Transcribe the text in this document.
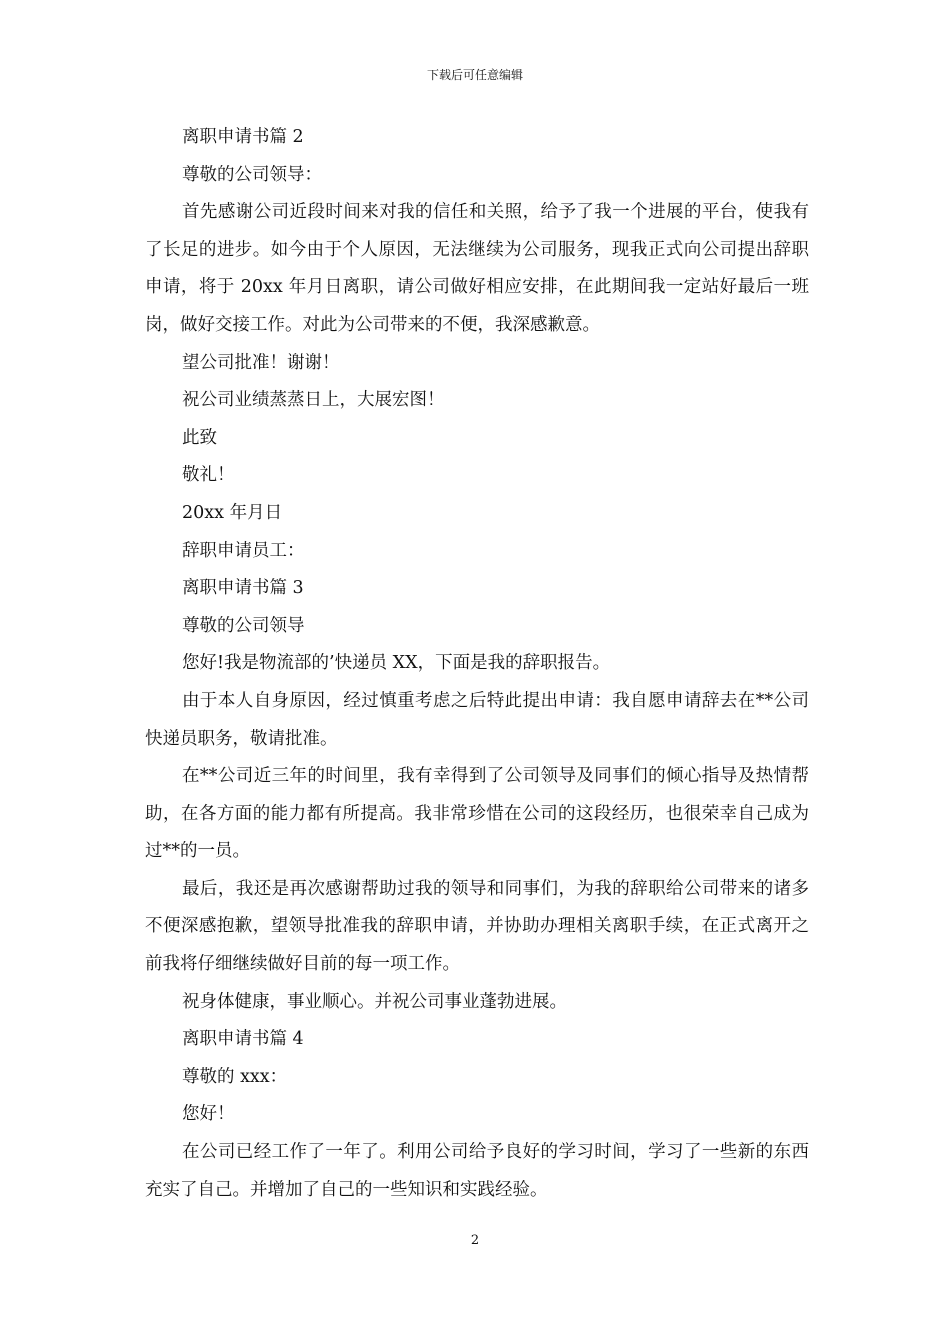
下载后可任意编辑

离职申请书篇 2

尊敬的公司领导：

首先感谢公司近段时间来对我的信任和关照，给予了我一个进展的平台，使我有了长足的进步。如今由于个人原因，无法继续为公司服务，现我正式向公司提出辞职申请，将于 20xx 年月日离职，请公司做好相应安排，在此期间我一定站好最后一班岗，做好交接工作。对此为公司带来的不便，我深感歉意。

望公司批准！谢谢！

祝公司业绩蒸蒸日上，大展宏图！

此致

敬礼！

20xx 年月日

辞职申请员工：

离职申请书篇 3

尊敬的公司领导

您好!我是物流部的’快递员 XX，下面是我的辞职报告。

由于本人自身原因，经过慎重考虑之后特此提出申请：我自愿申请辞去在**公司快递员职务，敬请批准。

在**公司近三年的时间里，我有幸得到了公司领导及同事们的倾心指导及热情帮助，在各方面的能力都有所提高。我非常珍惜在公司的这段经历，也很荣幸自己成为过**的一员。

最后，我还是再次感谢帮助过我的领导和同事们，为我的辞职给公司带来的诸多不便深感抱歉，望领导批准我的辞职申请，并协助办理相关离职手续，在正式离开之前我将仔细继续做好目前的每一项工作。

祝身体健康，事业顺心。并祝公司事业蓬勃进展。

离职申请书篇 4

尊敬的 xxx：

您好！

在公司已经工作了一年了。利用公司给予良好的学习时间，学习了一些新的东西充实了自己。并增加了自己的一些知识和实践经验。

2
